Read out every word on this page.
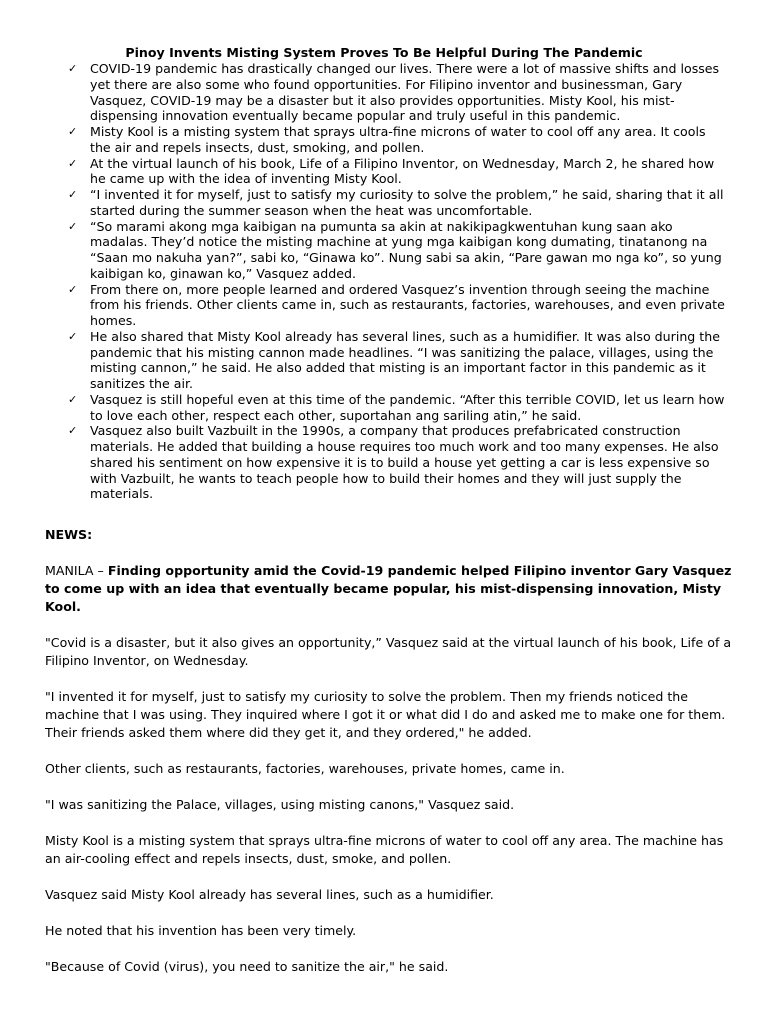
Pinoy Invents Misting System Proves To Be Helpful During The Pandemic
✓ COVID-19 pandemic has drastically changed our lives. There were a lot of massive shifts and losses yet there are also some who found opportunities. For Filipino inventor and businessman, Gary Vasquez, COVID-19 may be a disaster but it also provides opportunities. Misty Kool, his mist-dispensing innovation eventually became popular and truly useful in this pandemic.
✓ Misty Kool is a misting system that sprays ultra-fine microns of water to cool off any area. It cools the air and repels insects, dust, smoking, and pollen.
✓ At the virtual launch of his book, Life of a Filipino Inventor, on Wednesday, March 2, he shared how he came up with the idea of inventing Misty Kool.
✓ “I invented it for myself, just to satisfy my curiosity to solve the problem,” he said, sharing that it all started during the summer season when the heat was uncomfortable.
✓ “So marami akong mga kaibigan na pumunta sa akin at nakikipagkwentuhan kung saan ako madalas. They’d notice the misting machine at yung mga kaibigan kong dumating, tinatanong na “Saan mo nakuha yan?”, sabi ko, “Ginawa ko”. Nung sabi sa akin, “Pare gawan mo nga ko”, so yung kaibigan ko, ginawan ko,” Vasquez added.
✓ From there on, more people learned and ordered Vasquez’s invention through seeing the machine from his friends. Other clients came in, such as restaurants, factories, warehouses, and even private homes.
✓ He also shared that Misty Kool already has several lines, such as a humidifier. It was also during the pandemic that his misting cannon made headlines. “I was sanitizing the palace, villages, using the misting cannon,” he said. He also added that misting is an important factor in this pandemic as it sanitizes the air.
✓ Vasquez is still hopeful even at this time of the pandemic. “After this terrible COVID, let us learn how to love each other, respect each other, suportahan ang sariling atin,” he said.
✓ Vasquez also built Vazbuilt in the 1990s, a company that produces prefabricated construction materials. He added that building a house requires too much work and too many expenses. He also shared his sentiment on how expensive it is to build a house yet getting a car is less expensive so with Vazbuilt, he wants to teach people how to build their homes and they will just supply the materials.

NEWS:

MANILA – Finding opportunity amid the Covid-19 pandemic helped Filipino inventor Gary Vasquez to come up with an idea that eventually became popular, his mist-dispensing innovation, Misty Kool.

"Covid is a disaster, but it also gives an opportunity,” Vasquez said at the virtual launch of his book, Life of a Filipino Inventor, on Wednesday.

"I invented it for myself, just to satisfy my curiosity to solve the problem. Then my friends noticed the machine that I was using. They inquired where I got it or what did I do and asked me to make one for them. Their friends asked them where did they get it, and they ordered," he added.

Other clients, such as restaurants, factories, warehouses, private homes, came in.

"I was sanitizing the Palace, villages, using misting canons," Vasquez said.

Misty Kool is a misting system that sprays ultra-fine microns of water to cool off any area. The machine has an air-cooling effect and repels insects, dust, smoke, and pollen.

Vasquez said Misty Kool already has several lines, such as a humidifier.

He noted that his invention has been very timely.

"Because of Covid (virus), you need to sanitize the air," he said.
